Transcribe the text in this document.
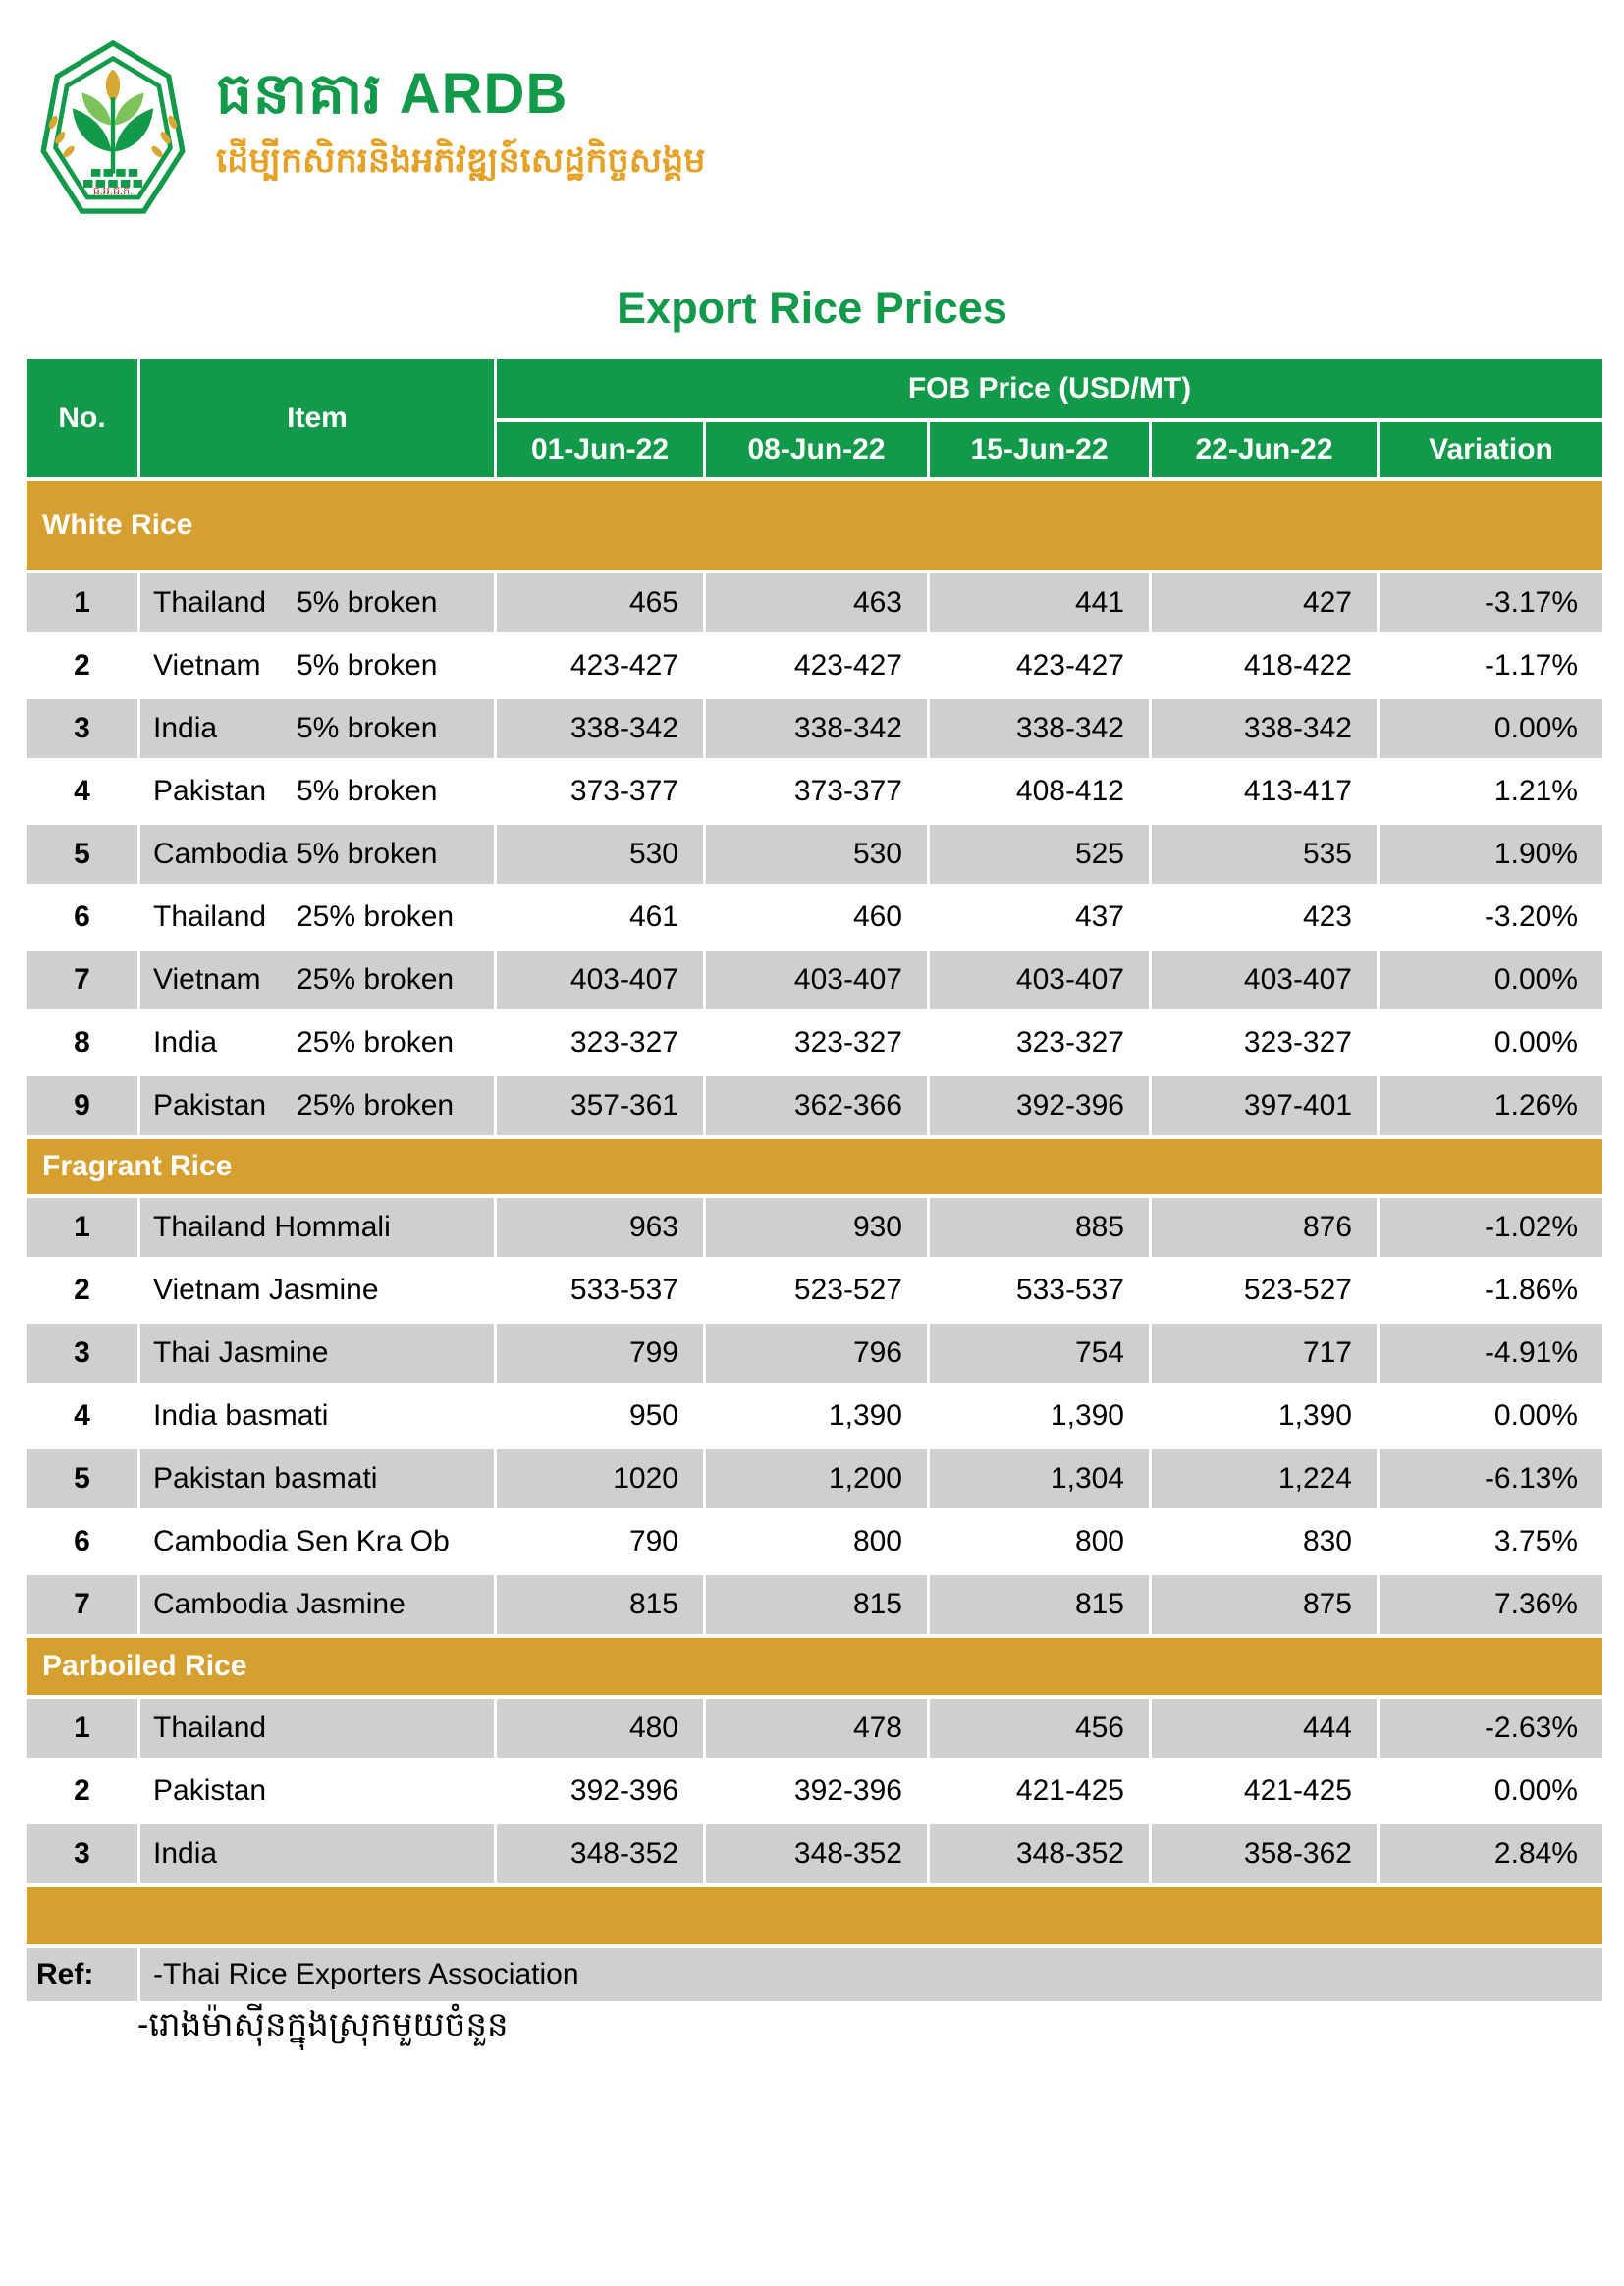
ធ.អ.ជ.ក.
ធនាគារ ARDB
ដើម្បីកសិករនិងអភិវឌ្ឍន៍សេដ្ឋកិច្ចសង្គម
Export Rice Prices
No.	Item
FOB Price (USD/MT)
01-Jun-22	08-Jun-22	15-Jun-22	22-Jun-22	Variation
White Rice
1	Thailand	5% broken	465	463	441	427	-3.17%
2	Vietnam	5% broken	423-427	423-427	423-427	418-422	-1.17%
3	India	5% broken	338-342	338-342	338-342	338-342	0.00%
4	Pakistan	5% broken	373-377	373-377	408-412	413-417	1.21%
5	Cambodia 5% broken	530	530	525	535	1.90%
6	Thailand	25% broken	461	460	437	423	-3.20%
7	Vietnam	25% broken	403-407	403-407	403-407	403-407	0.00%
8	India	25% broken	323-327	323-327	323-327	323-327	0.00%
9	Pakistan	25% broken	357-361	362-366	392-396	397-401	1.26%
Fragrant Rice
1	Thailand Hommali	963	930	885	876	-1.02%
2	Vietnam Jasmine	533-537	523-527	533-537	523-527	-1.86%
3	Thai Jasmine	799	796	754	717	-4.91%
4	India basmati	950	1,390	1,390	1,390	0.00%
5	Pakistan basmati	1020	1,200	1,304	1,224	-6.13%
6	Cambodia Sen Kra Ob	790	800	800	830	3.75%
7	Cambodia Jasmine	815	815	815	875	7.36%
Parboiled Rice
1	Thailand	480	478	456	444	-2.63%
2	Pakistan	392-396	392-396	421-425	421-425	0.00%
3	India	348-352	348-352	348-352	358-362	2.84%
Ref:	-Thai Rice Exporters Association
-រោងម៉ាស៊ីនក្នុងស្រុកមួយចំនួន
